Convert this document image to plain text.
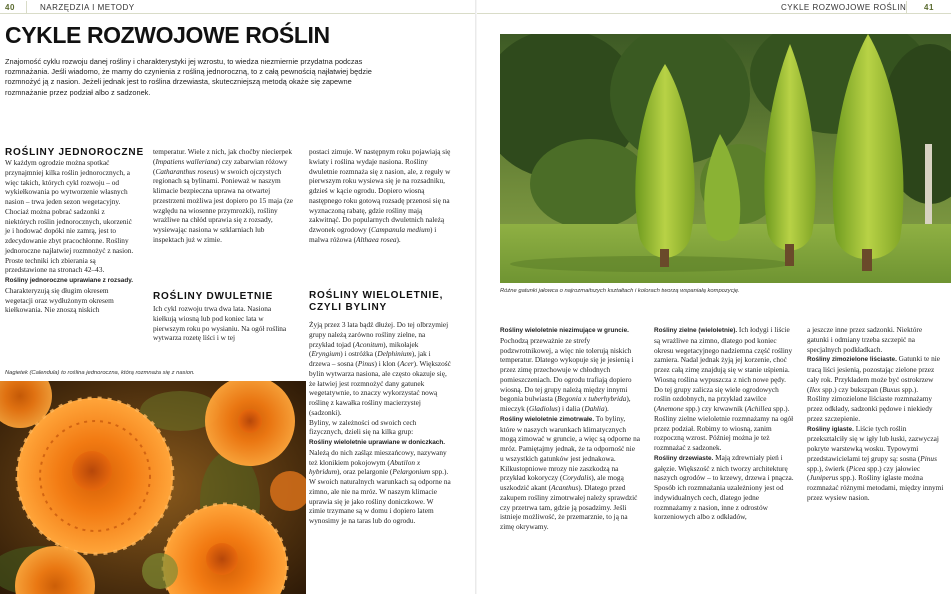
40	NARZĘDZIA I METODY	CYKLE ROZWOJOWE ROŚLIN 41
CYKLE ROZWOJOWE ROŚLIN
Znajomość cyklu rozwoju danej rośliny i charakterystyki jej wzrostu, to wiedza niezmiernie przydatna podczas rozmnażania. Jeśli wiadomo, że mamy do czynienia z rośliną jednoroczną, to z całą pewnością najłatwiej będzie rozmnożyć ją z nasion. Jeżeli jednak jest to roślina drzewiasta, skuteczniejszą metodą okaże się zapewne rozmnażanie przez podział albo z sadzonek.
ROŚLINY JEDNOROCZNE
W każdym ogrodzie można spotkać przynajmniej kilka roślin jednorocznych, a więc takich, których cykl rozwoju – od wykiełkowania po wytworzenie własnych nasion – trwa jeden sezon wegetacyjny. Chociaż można pobrać sadzonki z niektórych roślin jednorocznych, ukorzenić je i hodować dopóki nie zamrą, jest to zdecydowanie zbyt pracochłonne. Rośliny jednoroczne najłatwiej rozmnożyć z nasion. Proste techniki ich zbierania są przedstawione na stronach 42–43.
Rośliny jednoroczne uprawiane z rozsady. Charakteryzują się długim okresem wegetacji oraz wydłużonym okresem kiełkowania. Nie znoszą niskich
temperatur. Wiele z nich, jak choćby niecierpek (Impatiens walleriana) czy zabarwian różowy (Catharanthus roseus) w swoich ojczystych regionach są bylinami. Ponieważ w naszym klimacie bezpieczna uprawa na otwartej przestrzeni możliwa jest dopiero po 15 maja (ze względu na wiosenne przymrozki), rośliny wrażliwe na chłód uprawia się z rozsady, wysiewając nasiona w szklarniach lub inspektach już w zimie.
ROŚLINY DWULETNIE
Ich cykl rozwoju trwa dwa lata. Nasiona kiełkują wiosną lub pod koniec lata w pierwszym roku po wysianiu. Na ogół roślina wytwarza rozetę liści i w tej
postaci zimuje. W następnym roku pojawiają się kwiaty i roślina wydaje nasiona. Rośliny dwuletnie rozmnaża się z nasion, ale, z reguły w pierwszym roku wysiewa się je na rozsadniku, gdzieś w kącie ogrodu. Dopiero wiosną następnego roku gotową rozsadę przenosi się na wyznaczoną rabatę, gdzie rośliny mają zakwitnąć. Do popularnych dwuletnich należą dzwonek ogrodowy (Campanula medium) i malwa różowa (Althaea rosea).
ROŚLINY WIELOLETNIE, CZYLI BYLINY
Żyją przez 3 lata bądź dłużej. Do tej olbrzymiej grupy należą zarówno rośliny zielne, na przykład tojad (Aconitum), mikołajek (Eryngium) i ostróżka (Delphinium), jak i drzewa – sosna (Pinus) i klon (Acer). Większość bylin wytwarza nasiona, ale często okazuje się, że łatwiej jest rozmnożyć dany gatunek wegetatywnie, to znaczy wykorzystać nową roślinę z kawałka rośliny macierzystej (sadzonki).
Byliny, w zależności od swoich cech fizycznych, dzieli się na kilka grup:
Rośliny wieloletnie uprawiane w doniczkach. Należą do nich zaśląz mieszańcowy, nazywany też klonikiem pokojowym (Abutilon x hybridum), oraz pelargonie (Pelargonium spp.). W swoich naturalnych warunkach są odporne na zimno, ale nie na mróz. W naszym klimacie uprawia się je jako rośliny doniczkowe. W zimie trzymane są w domu i dopiero latem wynosimy je na taras lub do ogrodu.
Nagietek (Calendula) to roślina jednoroczna, którą rozmnaża się z nasion.
Różne gatunki jałowca o najrozmaitszych kształtach i kolorach tworzą wspaniałą kompozycję.
Rośliny wieloletnie niezimujące w gruncie. Pochodzą przeważnie ze strefy podzwrotnikowej, a więc nie tolerują niskich temperatur. Dlatego wykopuje się je jesienią i przez zimę przechowuje w chłodnych pomieszczeniach. Do ogrodu trafiają dopiero wiosną. Do tej grupy należą między innymi begonia bulwiasta (Begonia x tuberhybrida), mieczyk (Gladiolus) i dalia (Dahlia).
Rośliny wieloletnie zimotrwałe. To byliny, które w naszych warunkach klimatycznych mogą zimować w gruncie, a więc są odporne na mróz. Pamiętajmy jednak, że ta odporność nie u wszystkich gatunków jest jednakowa. Kilkustopniowe mrozy nie zaszkodzą na przykład kokoryczy (Corydalis), ale mogą uszkodzić akant (Acanthus). Dlatego przed zakupem rośliny zimotrwałej należy sprawdzić czy przetrwa tam, gdzie ją posadzimy. Jeśli istnieje możliwość, że przemarznie, to ją na zimę okrywamy.
Rośliny zielne (wieloletnie). Ich łodygi i liście są wrażliwe na zimno, dlatego pod koniec okresu wegetacyjnego nadziemna część rośliny zamiera. Nadal jednak żyją jej korzenie, choć przez całą zimę znajdują się w stanie uśpienia. Wiosną roślina wypuszcza z nich nowe pędy. Do tej grupy zalicza się wiele ogrodowych roślin ozdobnych, na przykład zawilce (Anemone spp.) czy krwawnik (Achillea spp.). Rośliny zielne wieloletnie rozmnażamy na ogół przez podział. Robimy to wiosną, zanim rozpoczną wzrost. Później można je też rozmnażać z sadzonek.
Rośliny drzewiaste. Mają zdrewniały pień i gałęzie. Większość z nich tworzy architekturę naszych ogrodów – to krzewy, drzewa i pnącza. Sposób ich rozmnażania uzależniony jest od indywidualnych cech, dlatego jedne rozmnażamy z nasion, inne z odrostów korzeniowych albo z odkładów,
a jeszcze inne przez sadzonki. Niektóre gatunki i odmiany trzeba szczepić na specjalnych podkładkach.
Rośliny zimozielone liściaste. Gatunki te nie tracą liści jesienią, pozostając zielone przez cały rok. Przykładem może być ostrokrzew (Ilex spp.) czy bukszpan (Buxus spp.).
Rośliny zimozielone liściaste rozmnażamy przez odkłady, sadzonki pędowe i niekiedy przez szczepienie.
Rośliny iglaste. Liście tych roślin przekształciły się w igły lub łuski, zazwyczaj pokryte warstewką wosku. Typowymi przedstawicielami tej grupy są: sosna (Pinus spp.), świerk (Picea spp.) czy jałowiec (Juniperus spp.). Rośliny iglaste można rozmnażać różnymi metodami, między innymi przez wysiew nasion.
